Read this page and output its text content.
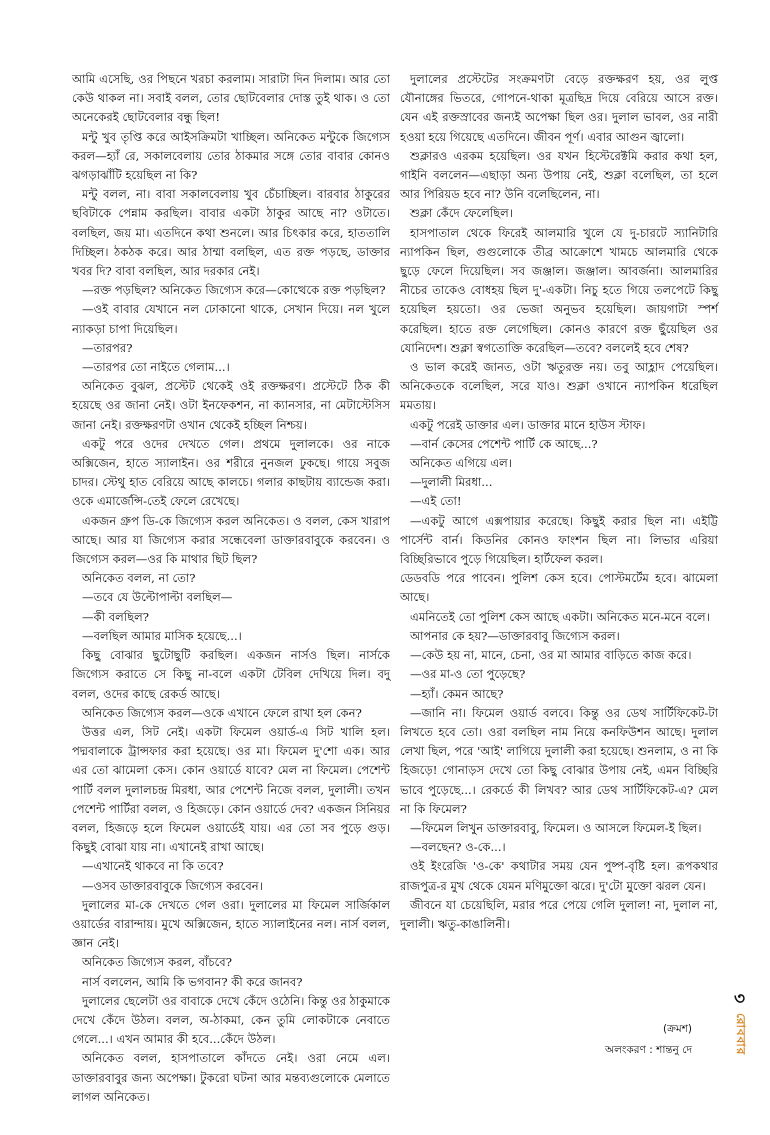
আমি এসেছি, ওর পিছনে খরচা করলাম। সারাটা দিন দিলাম। আর তো কেউ থাকল না। সবাই বলল, তোর ছোটবেলার দোস্ত তুই থাক। ও তো অনেকেরই ছোটবেলার বন্ধু ছিল!

মন্টু খুব তৃপ্তি করে আইসক্রিমটা খাচ্ছিল। অনিকেত মন্টুকে জিগ্যেস করল—হ্যাঁ রে, সকালবেলায় তোর ঠাকমার সঙ্গে তোর বাবার কোনও ঝগড়াঝাঁটি হয়েছিল না কি?

মন্টু বলল, না। বাবা সকালবেলায় খুব চেঁচাচ্ছিল। বারবার ঠাকুরের ছবিটাকে পেন্নাম করছিল। বাবার একটা ঠাকুর আছে না? ওটাতে। বলছিল, জয় মা। এতদিনে কথা শুনলে। আর চিৎকার করে, হাততালি দিচ্ছিল। ঠকঠক করে। আর ঠাম্মা বলছিল, এত রক্ত পড়ছে, ডাক্তার খবর দি? বাবা বলছিল, আর দরকার নেই।

—রক্ত পড়ছিল? অনিকেত জিগ্যেস করে—কোত্থেকে রক্ত পড়ছিল?

—ওই বাবার যেখানে নল ঢোকানো থাকে, সেখান দিয়ে। নল খুলে ন্যাকড়া চাপা দিয়েছিল।

—তারপর?

—তারপর তো নাইতে গেলাম...।

অনিকেত বুঝল, প্রস্টেট থেকেই ওই রক্তক্ষরণ। প্রস্টেটে ঠিক কী হয়েছে ওর জানা নেই। ওটা ইনফেকশন, না ক্যানসার, না মেটাস্টেসিস জানা নেই। রক্তক্ষরণটা ওখান থেকেই হচ্ছিল নিশ্চয়।

একটু পরে ওদের দেখতে গেল। প্রথমে দুলালকে। ওর নাকে অক্সিজেন, হাতে স্যালাইন। ওর শরীরে নুনজল ঢুকছে। গায়ে সবুজ চাদর। স্টেথু হাত বেরিয়ে আছে কালচে। গলার কাছটায় ব্যান্ডেজ করা। ওকে এমার্জেন্সি-তেই ফেলে রেখেছে।

একজন গ্রুপ ডি-কে জিগ্যেস করল অনিকেত। ও বলল, কেস খারাপ আছে। আর যা জিগ্যেস করার সন্ধেবেলা ডাক্তারবাবুকে করবেন। ও জিগ্যেস করল—ওর কি মাথার ছিট ছিল?

অনিকেত বলল, না তো?

—তবে যে উল্টোপাল্টা বলছিল—

—কী বলছিল?

—বলছিল আমার মাসিক হয়েছে...।

কিছু বোঝার ছুটোছুটি করছিল। একজন নার্সও ছিল। নার্সকে জিগ্যেস করাতে সে কিছু না-বলে একটা টেবিল দেখিয়ে দিল। বদু বলল, ওদের কাছে রেকর্ড আছে।

অনিকেত জিগ্যেস করল—ওকে এখানে ফেলে রাখা হল কেন?

উত্তর এল, সিট নেই। একটা ফিমেল ওয়ার্ড-এ সিট খালি হল। পদ্মবালাকে ট্রান্সফার করা হয়েছে। ওর মা। ফিমেল দু'শো এক। আর এর তো ঝামেলা কেস। কোন ওয়ার্ডে যাবে? মেল না ফিমেল। পেশেন্ট পার্টি বলল দুলালচন্দ্র মিরধা, আর পেশেন্ট নিজে বলল, দুলালী। তখন পেশেন্ট পার্টিরা বলল, ও হিজড়ে। কোন ওয়ার্ডে দেব? একজন সিনিয়র বলল, হিজড়ে হলে ফিমেল ওয়ার্ডেই যায়। এর তো সব পুড়ে গুড়। কিছুই বোঝা যায় না। এখানেই রাখা আছে।

—এখানেই থাকবে না কি তবে?

—ওসব ডাক্তারবাবুকে জিগ্যেস করবেন।

দুলালের মা-কে দেখতে গেল ওরা। দুলালের মা ফিমেল সার্জিকাল ওয়ার্ডের বারান্দায়। মুখে অক্সিজেন, হাতে স্যালাইনের নল। নার্স বলল, জ্ঞান নেই।

অনিকেত জিগ্যেস করল, বাঁচবে?

নার্স বললেন, আমি কি ভগবান? কী করে জানব?

দুলালের ছেলেটা ওর বাবাকে দেখে কেঁদে ওঠেনি। কিন্তু ওর ঠাকুমাকে দেখে কেঁদে উঠল। বলল, অ-ঠাকমা, কেন তুমি লোকটাকে নেবাতে গেলে...। এখন আমার কী হবে...কেঁদে উঠল।

অনিকেত বলল, হাসপাতালে কাঁদতে নেই। ওরা নেমে এল। ডাক্তারবাবুর জন্য অপেক্ষা। টুকরো ঘটনা আর মন্তব্যগুলোকে মেলাতে লাগল অনিকেত।

দুলালের প্রস্টেটের সংক্রমণটা বেড়ে রক্তক্ষরণ হয়, ওর লুপ্ত যৌনাঙ্গের ভিতরে, গোপনে-থাকা মূত্রছিদ্র দিয়ে বেরিয়ে আসে রক্ত। যেন এই রক্তস্রাবের জন্যই অপেক্ষা ছিল ওর। দুলাল ভাবল, ওর নারী হওয়া হয়ে গিয়েছে এতদিনে। জীবন পূর্ণ। এবার আগুন জ্বালো।

শুক্লারও এরকম হয়েছিল। ওর যখন হিস্টেরেক্টমি করার কথা হল, গাইনি বললেন—এছাড়া অন্য উপায় নেই, শুক্লা বলেছিল, তা হলে আর পিরিয়ড হবে না? উনি বলেছিলেন, না।

শুক্লা কেঁদে ফেলেছিল।

হাসপাতাল থেকে ফিরেই আলমারি খুলে যে দু-চারটে স্যানিটারি ন্যাপকিন ছিল, গুগুলোকে তীব্র আক্রোশে খামচে আলমারি থেকে ছুড়ে ফেলে দিয়েছিল। সব জঞ্জাল। জঞ্জাল। আবর্জনা। আলমারির নীচের তাকেও বোধহয় ছিল দু'-একটা। নিচু হতে গিয়ে তলপেটে কিছু হয়েছিল হয়তো। ওর ভেজা অনুভব হয়েছিল। জায়গাটা স্পর্শ করেছিল। হাতে রক্ত লেগেছিল। কোনও কারণে রক্ত ছুঁয়েছিল ওর যোনিদেশ। শুক্লা স্বগতোক্তি করেছিল—তবে? বললেই হবে শেষ?

ও ভাল করেই জানত, ওটা ঋতুরক্ত নয়। তবু আহ্লাদ পেয়েছিল। অনিকেতকে বলেছিল, সরে যাও। শুক্লা ওখানে ন্যাপকিন ধরেছিল মমতায়।

একটু পরেই ডাক্তার এল। ডাক্তার মানে হাউস স্টাফ।

—বার্ন কেসের পেশেন্ট পার্টি কে আছে...?

অনিকেত এগিয়ে এল।

—দুলালী মিরধা...

—এই তো!

—একটু আগে এক্সপায়ার করেছে। কিছুই করার ছিল না। এইট্টি পার্সেন্ট বার্ন। কিডনির কোনও ফাংশন ছিল না। লিভার এরিয়া বিচ্ছিরিভাবে পুড়ে গিয়েছিল। হার্টফেল করল।

ডেডবডি পরে পাবেন। পুলিশ কেস হবে। পোস্টমর্টেম হবে। ঝামেলা আছে।

এমনিতেই তো পুলিশ কেস আছে একটা। অনিকেত মনে-মনে বলে।

আপনার কে হয়?—ডাক্তারবাবু জিগ্যেস করল।

—কেউ হয় না, মানে, চেনা, ওর মা আমার বাড়িতে কাজ করে।

—ওর মা-ও তো পুড়েছে?

—হ্যাঁ। কেমন আছে?

—জানি না। ফিমেল ওয়ার্ড বলবে। কিন্তু ওর ডেথ সার্টিফিকেট-টা লিখতে হবে তো। ওরা বলছিল নাম নিয়ে কনফিউশন আছে। দুলাল লেখা ছিল, পরে 'আই' লাগিয়ে দুলালী করা হয়েছে। শুনলাম, ও না কি হিজড়ে! গোনাড়স দেখে তো কিছু বোঝার উপায় নেই, এমন বিচ্ছিরি ভাবে পুড়েছে...। রেকর্ডে কী লিখব? আর ডেথ সার্টিফিকেট-এ? মেল না কি ফিমেল?

—ফিমেল লিখুন ডাক্তারবাবু, ফিমেল। ও আসলে ফিমেল-ই ছিল।

—বলছেন? ও-কে...।

ওই ইংরেজি 'ও-কে' কথাটার সময় যেন পুষ্প-বৃষ্টি হল। রূপকথার রাজপুত্র-র মুখ থেকে যেমন মণিমুক্তো ঝরে। দু'টো মুক্তো ঝরল যেন।

জীবনে যা চেয়েছিলি, মরার পরে পেয়ে গেলি দুলাল! না, দুলাল না, দুলালী। ঋতু-কাঙালিনী।

(ক্রমশ)
অলংকরণ : শান্তনু দে
৩
রোববার
